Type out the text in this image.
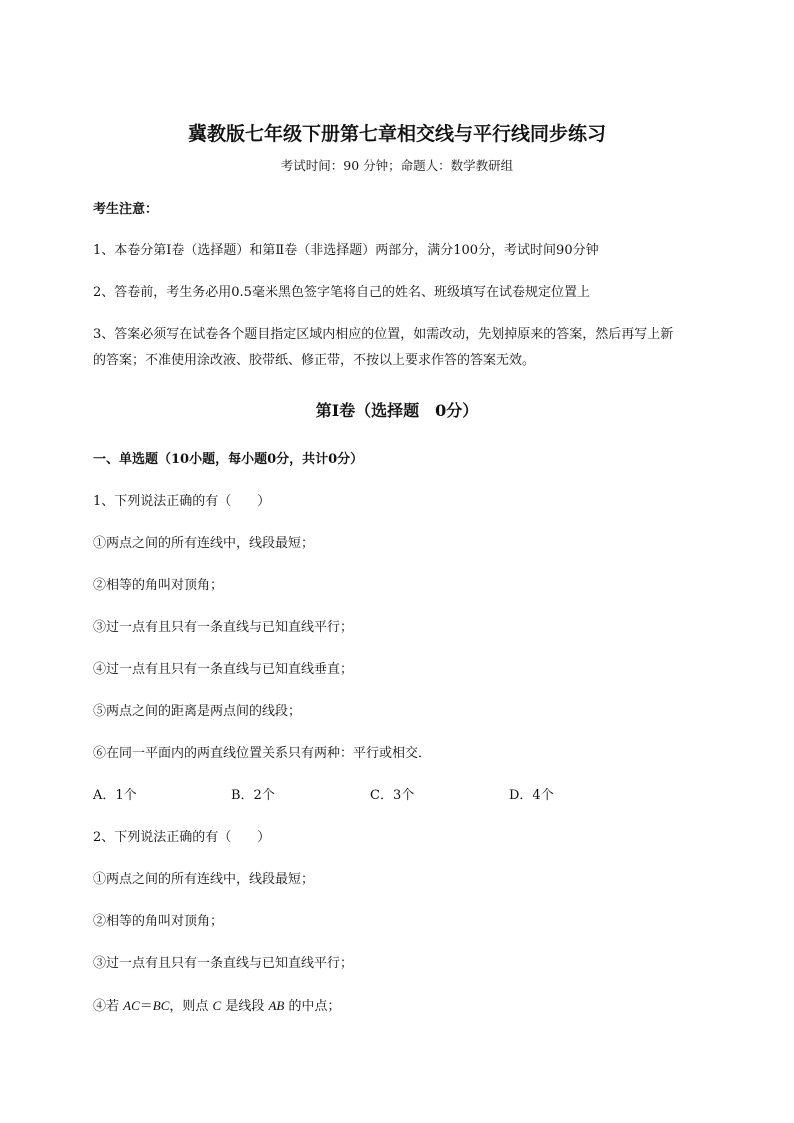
冀教版七年级下册第七章相交线与平行线同步练习
考试时间：90 分钟；命题人：数学教研组
考生注意：
1、本卷分第Ⅰ卷（选择题）和第Ⅱ卷（非选择题）两部分，满分100分，考试时间90分钟
2、答卷前，考生务必用0.5毫米黑色签字笔将自己的姓名、班级填写在试卷规定位置上
3、答案必须写在试卷各个题目指定区域内相应的位置，如需改动，先划掉原来的答案，然后再写上新
的答案；不准使用涂改液、胶带纸、修正带，不按以上要求作答的答案无效。
第Ⅰ卷（选择题　0分）
一、单选题（10小题，每小题0分，共计0分）
1、下列说法正确的有（　　）
①两点之间的所有连线中，线段最短；
②相等的角叫对顶角；
③过一点有且只有一条直线与已知直线平行；
④过一点有且只有一条直线与已知直线垂直；
⑤两点之间的距离是两点间的线段；
⑥在同一平面内的两直线位置关系只有两种：平行或相交．
A．1个	B．2个	C．3个	D．4个
2、下列说法正确的有（　　）
①两点之间的所有连线中，线段最短；
②相等的角叫对顶角；
③过一点有且只有一条直线与已知直线平行；
④若 AC＝BC，则点 C 是线段 AB 的中点；
